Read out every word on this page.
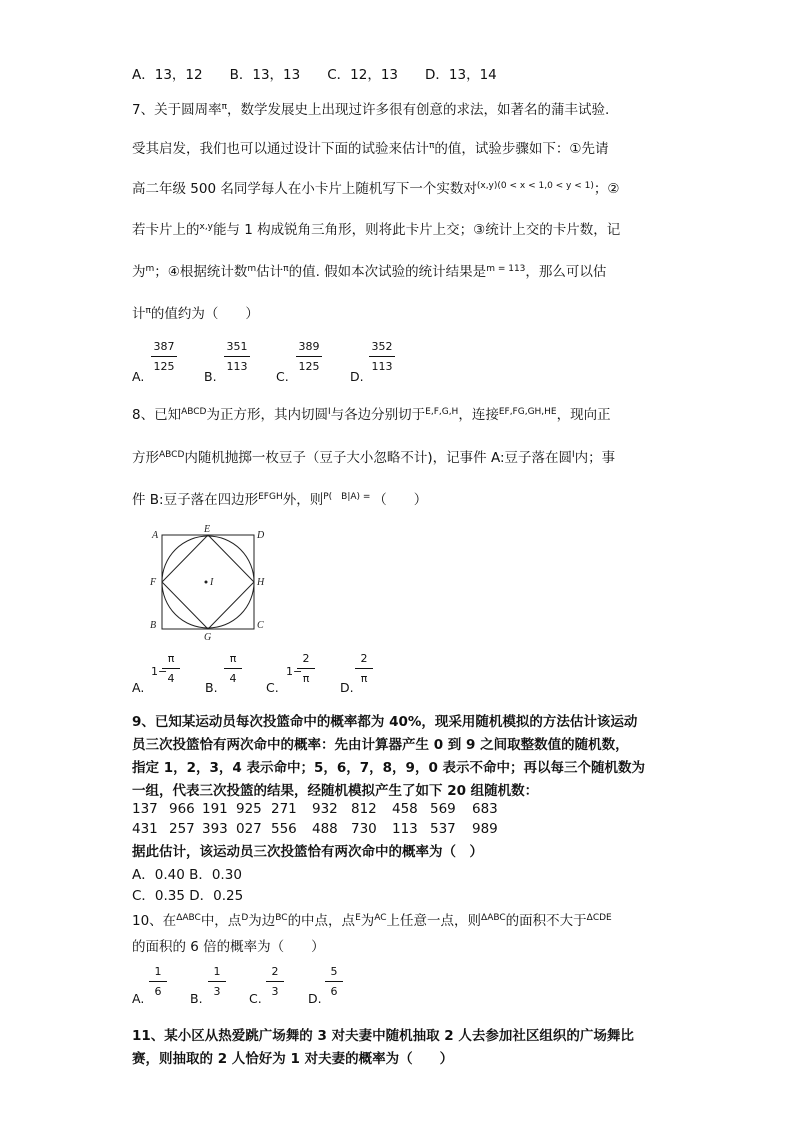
A．13，12　　B．13，13　　C．12，13　　D．13，14
7、关于圆周率$^\pi$，数学发展史上出现过许多很有创意的求法，如著名的蒲丰试验.
受其启发，我们也可以通过设计下面的试验来估计$^\pi$的值，试验步骤如下：①先请
高二年级 500 名同学每人在小卡片上随机写下一个实数对$^{(x,y)(0 < x < 1,0 < y < 1)}$；②
若卡片上的$^{x,y}$能与 1 构成锐角三角形，则将此卡片上交；③统计上交的卡片数，记
为$^m$；④根据统计数$^m$估计$^\pi$的值. 假如本次试验的统计结果是$^{m = 113}$，那么可以估
计$^\pi$的值约为（　　）
A.
387
125
B.
351
113
C.
389
125
D.
352
113
8、已知$^{ABCD}$为正方形，其内切圆$^I$与各边分别切于$^{E,F,G,H}$，连接$^{EF,FG,GH,HE}$，现向正
方形$^{ABCD}$内随机抛掷一枚豆子（豆子大小忽略不计)，记事件 A:豆子落在圆$^I$内；事
件 B:豆子落在四边形$^{EFGH}$外，则$^{P( B|A) =}$ （　　）
A	D
E
F	H
B	C
G
I
A.
1−
π
4
B.
π
4
C.
1−
2
π
D.
2
π
9、已知某运动员每次投篮命中的概率都为 40%，现采用随机模拟的方法估计该运动
员三次投篮恰有两次命中的概率：先由计算器产生 0 到 9 之间取整数值的随机数，
指定 1，2，3，4 表示命中；5，6，7，8，9，0 表示不命中；再以每三个随机数为
一组，代表三次投篮的结果，经随机模拟产生了如下 20 组随机数：
137 966 191 925 271 932 812 458 569 683
431 257 393 027 556 488 730 113 537 989
据此估计，该运动员三次投篮恰有两次命中的概率为（　）
A．0.40 B．0.30
C．0.35 D．0.25
10、在$^{\Delta ABC}$中，点$^D$为边$^{BC}$的中点，点$^E$为$^{AC}$上任意一点，则$^{\Delta ABC}$的面积不大于$^{\Delta CDE}$
的面积的 6 倍的概率为（　　）
A.
1
6	B.
1
3	C.
2
3	D.
5
6
11、某小区从热爱跳广场舞的 3 对夫妻中随机抽取 2 人去参加社区组织的广场舞比
赛，则抽取的 2 人恰好为 1 对夫妻的概率为（　　）
